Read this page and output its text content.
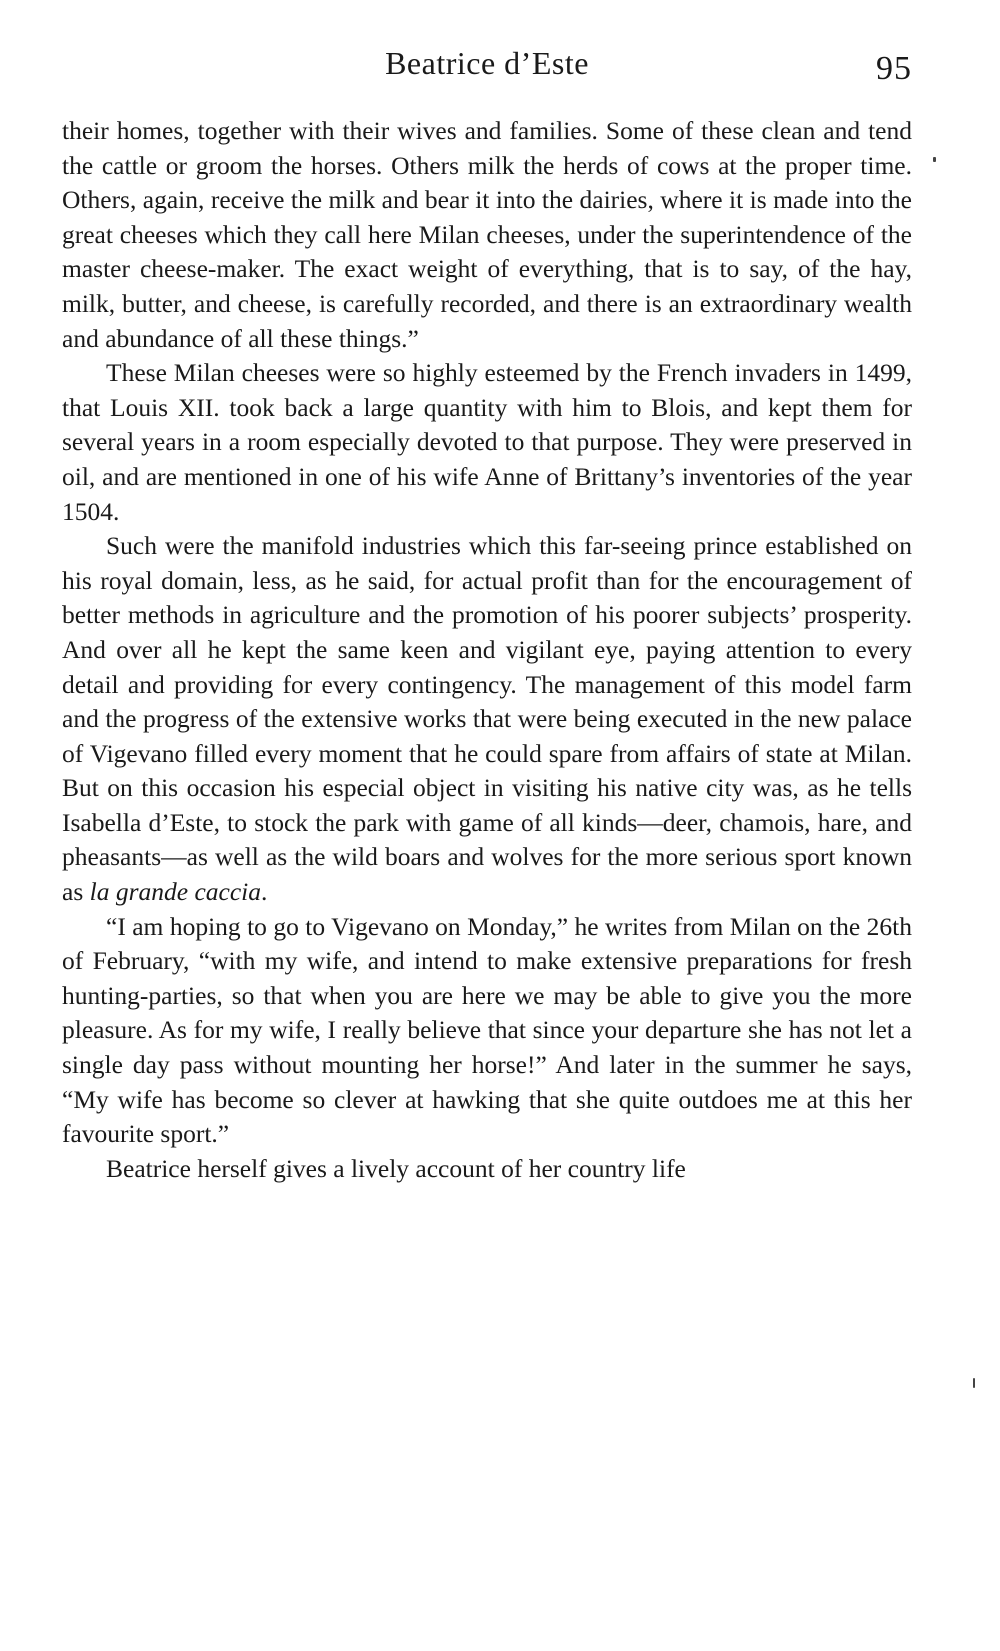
Beatrice d’Este	95

their homes, together with their wives and families. Some of these clean and tend the cattle or groom the horses. Others milk the herds of cows at the proper time. Others, again, receive the milk and bear it into the dairies, where it is made into the great cheeses which they call here Milan cheeses, under the superintendence of the master cheese-maker. The exact weight of everything, that is to say, of the hay, milk, butter, and cheese, is carefully recorded, and there is an extraordinary wealth and abundance of all these things.”

These Milan cheeses were so highly esteemed by the French invaders in 1499, that Louis XII. took back a large quantity with him to Blois, and kept them for several years in a room especially devoted to that purpose. They were preserved in oil, and are mentioned in one of his wife Anne of Brittany’s inventories of the year 1504.

Such were the manifold industries which this far-seeing prince established on his royal domain, less, as he said, for actual profit than for the encouragement of better methods in agriculture and the promotion of his poorer subjects’ prosperity. And over all he kept the same keen and vigilant eye, paying attention to every detail and providing for every contingency. The management of this model farm and the progress of the extensive works that were being executed in the new palace of Vigevano filled every moment that he could spare from affairs of state at Milan. But on this occasion his especial object in visiting his native city was, as he tells Isabella d’Este, to stock the park with game of all kinds—deer, chamois, hare, and pheasants—as well as the wild boars and wolves for the more serious sport known as la grande caccia.

“I am hoping to go to Vigevano on Monday,” he writes from Milan on the 26th of February, “with my wife, and intend to make extensive preparations for fresh hunting-parties, so that when you are here we may be able to give you the more pleasure. As for my wife, I really believe that since your departure she has not let a single day pass without mounting her horse!” And later in the summer he says, “My wife has become so clever at hawking that she quite outdoes me at this her favourite sport.”

Beatrice herself gives a lively account of her country life
